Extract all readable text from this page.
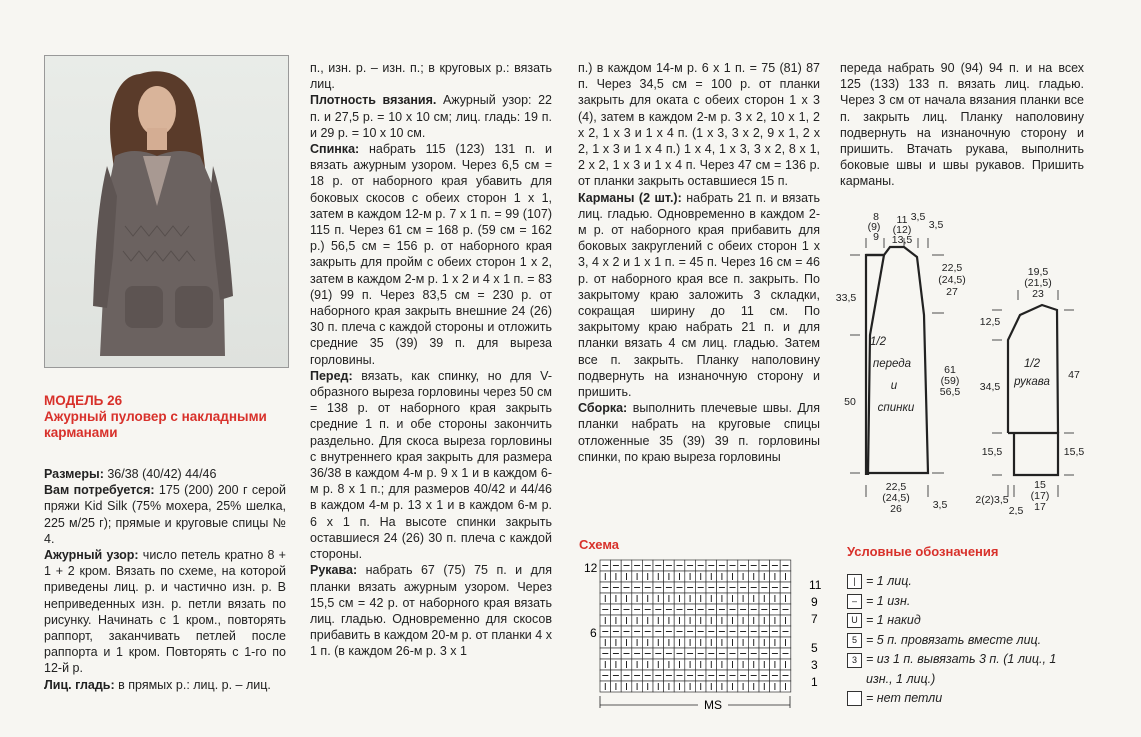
МОДЕЛЬ 26
Ажурный пуловер с накладными карманами

Размеры: 36/38 (40/42) 44/46

Вам потребуется: 175 (200) 200 г серой пряжи Kid Silk (75% мохера, 25% шелка, 225 м/25 г); прямые и круговые спицы № 4.

Ажурный узор: число петель кратно 8 + 1 + 2 кром. Вязать по схеме, на которой приведены лиц. р. и частично изн. р. В неприведенных изн. р. петли вязать по рисунку. Начинать с 1 кром., повторять раппорт, заканчивать петлей после раппорта и 1 кром. Повторять с 1-го по 12-й р.

Лиц. гладь: в прямых р.: лиц. р. – лиц.

п., изн. р. – изн. п.; в круговых р.: вязать лиц.

Плотность вязания. Ажурный узор: 22 п. и 27,5 р. = 10 х 10 см; лиц. гладь: 19 п. и 29 р. = 10 х 10 см.

Спинка: набрать 115 (123) 131 п. и вязать ажурным узором. Через 6,5 см = 18 р. от наборного края убавить для боковых скосов с обеих сторон 1 х 1, затем в каждом 12-м р. 7 х 1 п. = 99 (107) 115 п. Через 61 см = 168 р. (59 см = 162 р.) 56,5 см = 156 р. от наборного края закрыть для пройм с обеих сторон 1 х 2, затем в каждом 2-м р. 1 х 2 и 4 х 1 п. = 83 (91) 99 п. Через 83,5 см = 230 р. от наборного края закрыть внешние 24 (26) 30 п. плеча с каждой стороны и отложить средние 35 (39) 39 п. для выреза горловины.

Перед: вязать, как спинку, но для V-образного выреза горловины через 50 см = 138 р. от наборного края закрыть средние 1 п. и обе стороны закончить раздельно. Для скоса выреза горловины с внутреннего края закрыть для размера 36/38 в каждом 4-м р. 9 х 1 и в каждом 6-м р. 8 х 1 п.; для размеров 40/42 и 44/46 в каждом 4-м р. 13 х 1 и в каждом 6-м р. 6 х 1 п. На высоте спинки закрыть оставшиеся 24 (26) 30 п. плеча с каждой стороны.

Рукава: набрать 67 (75) 75 п. и для планки вязать ажурным узором. Через 15,5 см = 42 р. от наборного края вязать лиц. гладью. Одновременно для скосов прибавить в каждом 20-м р. от планки 4 х 1 п. (в каждом 26-м р. 3 х 1

п.) в каждом 14-м р. 6 х 1 п. = 75 (81) 87 п. Через 34,5 см = 100 р. от планки закрыть для оката с обеих сторон 1 х 3 (4), затем в каждом 2-м р. 3 х 2, 10 х 1, 2 х 2, 1 х 3 и 1 х 4 п. (1 х 3, 3 х 2, 9 х 1, 2 х 2, 1 х 3 и 1 х 4 п.) 1 х 4, 1 х 3, 3 х 2, 8 х 1, 2 х 2, 1 х 3 и 1 х 4 п. Через 47 см = 136 р. от планки закрыть оставшиеся 15 п.

Карманы (2 шт.): набрать 21 п. и вязать лиц. гладью. Одновременно в каждом 2-м р. от наборного края прибавить для боковых закруглений с обеих сторон 1 х 3, 4 х 2 и 1 х 1 п. = 45 п. Через 16 см = 46 р. от наборного края все п. закрыть. По закрытому краю заложить 3 складки, сокращая ширину до 11 см. По закрытому краю набрать 21 п. и для планки вязать 4 см лиц. гладью. Затем все п. закрыть. Планку наполовину подвернуть на изнаночную сторону и пришить.

Сборка: выполнить плечевые швы. Для планки набрать на круговые спицы отложенные 35 (39) 39 п. горловины спинки, по краю выреза горловины

переда набрать 90 (94) 94 п. и на всех 125 (133) 133 п. вязать лиц. гладью. Через 3 см от начала вязания планки все п. закрыть лиц. Планку наполовину подвернуть на изнаночную сторону и пришить. Втачать рукава, выполнить боковые швы и швы рукавов. Пришить карманы.

1/2
переда
и
спинки
8
(9)
9
11
(12)
13,5
3,5
3,5
22,5
(24,5)
27
33,5
61
(59)
56,5
50
22,5
(24,5)
26	3,5
1/2
рукава
19,5
(21,5)
23
12,5
34,5
47
15,5	15,5
15
(17)
17
2(2)3,5
2,5
Схема
12
6
11
9
7
5
3
1
MS
Условные обозначения
| = 1 лиц.
– = 1 изн.
U = 1 накид
5 = 5 п. провязать вместе лиц.
3 = из 1 п. вывязать 3 п. (1 лиц., 1 изн., 1 лиц.)
= нет петли
